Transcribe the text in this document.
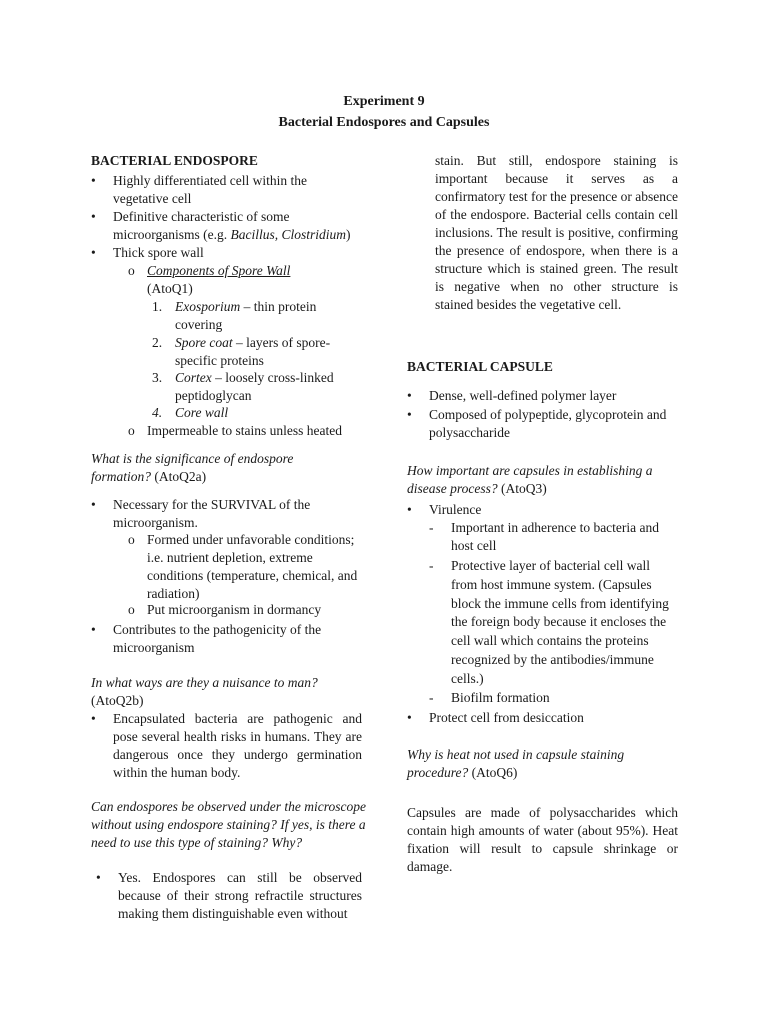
Experiment 9
Bacterial Endospores and Capsules
BACTERIAL ENDOSPORE
• Highly differentiated cell within the vegetative cell
• Definitive characteristic of some microorganisms (e.g. Bacillus, Clostridium)
• Thick spore wall
o Components of Spore Wall
(AtoQ1)
1. Exosporium – thin protein covering
2. Spore coat – layers of spore-specific proteins
3. Cortex – loosely cross-linked peptidoglycan
4. Core wall
o Impermeable to stains unless heated
What is the significance of endospore formation? (AtoQ2a)
• Necessary for the SURVIVAL of the microorganism.
o Formed under unfavorable conditions; i.e. nutrient depletion, extreme conditions (temperature, chemical, and radiation)
o Put microorganism in dormancy
• Contributes to the pathogenicity of the microorganism
In what ways are they a nuisance to man?
(AtoQ2b)
• Encapsulated bacteria are pathogenic and pose several health risks in humans. They are dangerous once they undergo germination within the human body.
Can endospores be observed under the microscope without using endospore staining? If yes, is there a need to use this type of staining? Why?
• Yes. Endospores can still be observed because of their strong refractile structures making them distinguishable even without
stain. But still, endospore staining is important because it serves as a confirmatory test for the presence or absence of the endospore. Bacterial cells contain cell inclusions. The result is positive, confirming the presence of endospore, when there is a structure which is stained green. The result is negative when no other structure is stained besides the vegetative cell.
BACTERIAL CAPSULE
• Dense, well-defined polymer layer
• Composed of polypeptide, glycoprotein and polysaccharide
How important are capsules in establishing a disease process? (AtoQ3)
• Virulence
- Important in adherence to bacteria and host cell
- Protective layer of bacterial cell wall from host immune system. (Capsules block the immune cells from identifying the foreign body because it encloses the cell wall which contains the proteins recognized by the antibodies/immune cells.)
- Biofilm formation
• Protect cell from desiccation
Why is heat not used in capsule staining procedure? (AtoQ6)
Capsules are made of polysaccharides which contain high amounts of water (about 95%). Heat fixation will result to capsule shrinkage or damage.
